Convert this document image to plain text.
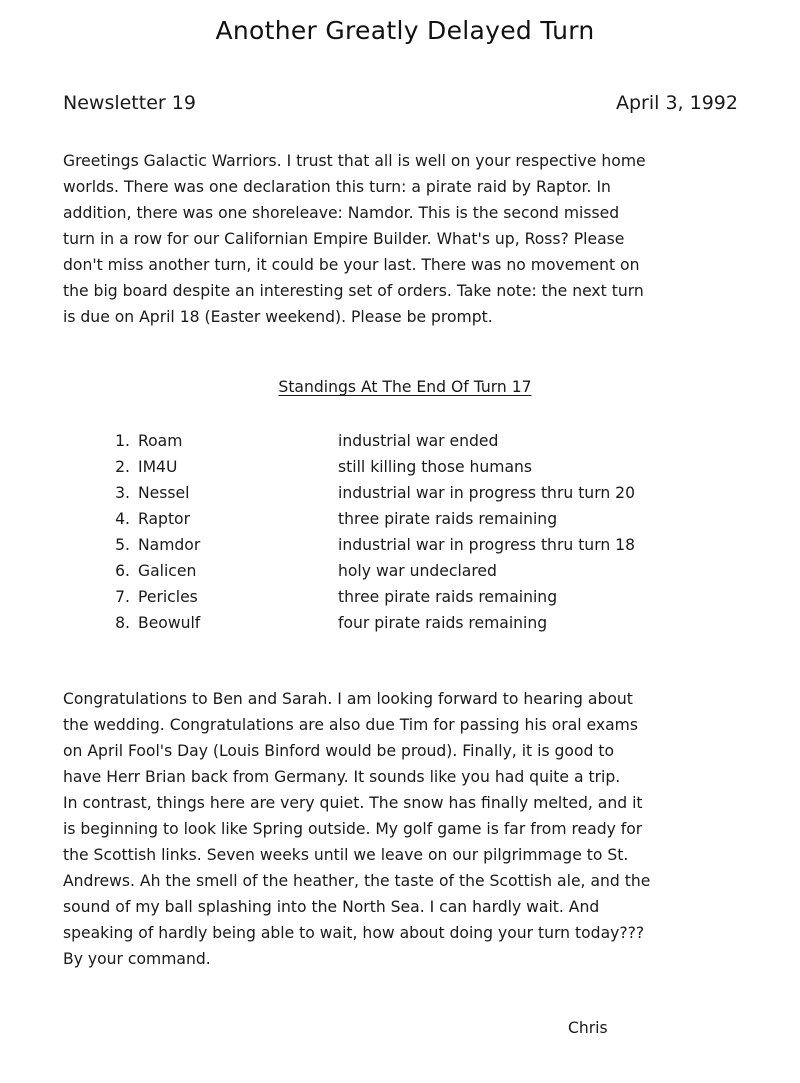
Another Greatly Delayed Turn
Newsletter 19	April 3, 1992

Greetings Galactic Warriors. I trust that all is well on your respective home
worlds. There was one declaration this turn: a pirate raid by Raptor. In
addition, there was one shoreleave: Namdor. This is the second missed
turn in a row for our Californian Empire Builder. What's up, Ross? Please
don't miss another turn, it could be your last. There was no movement on
the big board despite an interesting set of orders. Take note: the next turn
is due on April 18 (Easter weekend). Please be prompt.

Standings At The End Of Turn 17
1. Roam	industrial war ended
2. IM4U	still killing those humans
3. Nessel	industrial war in progress thru turn 20
4. Raptor	three pirate raids remaining
5. Namdor	industrial war in progress thru turn 18
6. Galicen	holy war undeclared
7. Pericles	three pirate raids remaining
8. Beowulf	four pirate raids remaining

Congratulations to Ben and Sarah. I am looking forward to hearing about
the wedding. Congratulations are also due Tim for passing his oral exams
on April Fool's Day (Louis Binford would be proud). Finally, it is good to
have Herr Brian back from Germany. It sounds like you had quite a trip.
In contrast, things here are very quiet. The snow has finally melted, and it
is beginning to look like Spring outside. My golf game is far from ready for
the Scottish links. Seven weeks until we leave on our pilgrimmage to St.
Andrews. Ah the smell of the heather, the taste of the Scottish ale, and the
sound of my ball splashing into the North Sea. I can hardly wait. And
speaking of hardly being able to wait, how about doing your turn today???
By your command.

Chris
